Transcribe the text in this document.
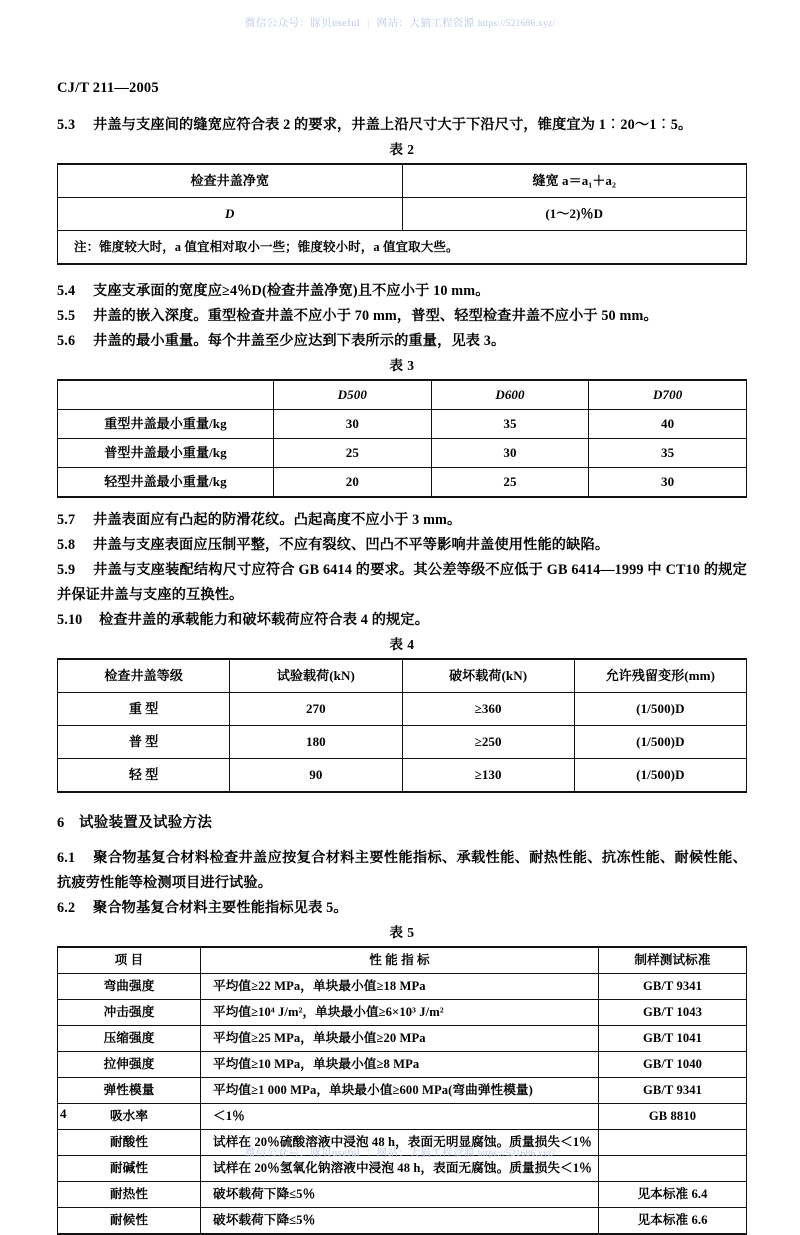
微信公众号：豚贝useful | 网站：大猫工程资源 https://521686.xyz/
CJ/T 211—2005

5.3 井盖与支座间的缝宽应符合表 2 的要求，井盖上沿尺寸大于下沿尺寸，锥度宜为 1︰20～1︰5。

表 2
检查井盖净宽	缝宽 a＝a₁＋a₂
D	(1～2)％D
注：锥度较大时，a 值宜相对取小一些；锥度较小时，a 值宜取大些。	

5.4 支座支承面的宽度应≥4％D(检查井盖净宽)且不应小于 10 mm。

5.5 井盖的嵌入深度。重型检查井盖不应小于 70 mm，普型、轻型检查井盖不应小于 50 mm。

5.6 井盖的最小重量。每个井盖至少应达到下表所示的重量，见表 3。

表 3
	D500	D600	D700
重型井盖最小重量/kg	30	35	40
普型井盖最小重量/kg	25	30	35
轻型井盖最小重量/kg	20	25	30

5.7 井盖表面应有凸起的防滑花纹。凸起高度不应小于 3 mm。

5.8 井盖与支座表面应压制平整，不应有裂纹、凹凸不平等影响井盖使用性能的缺陷。

5.9 井盖与支座装配结构尺寸应符合 GB 6414 的要求。其公差等级不应低于 GB 6414—1999 中 CT10 的规定并保证井盖与支座的互换性。

5.10 检查井盖的承载能力和破坏载荷应符合表 4 的规定。

表 4
检查井盖等级	试验载荷(kN)	破坏载荷(kN)	允许残留变形(mm)
重 型	270	≥360	(1/500)D
普 型	180	≥250	(1/500)D
轻 型	90	≥130	(1/500)D

6 试验装置及试验方法

6.1 聚合物基复合材料检查井盖应按复合材料主要性能指标、承载性能、耐热性能、抗冻性能、耐候性能、抗疲劳性能等检测项目进行试验。

6.2 聚合物基复合材料主要性能指标见表 5。

表 5
项 目	性 能 指 标	制样测试标准
弯曲强度	平均值≥22 MPa，单块最小值≥18 MPa	GB/T 9341
冲击强度	平均值≥10⁴ J/m²，单块最小值≥6×10³ J/m²	GB/T 1043
压缩强度	平均值≥25 MPa，单块最小值≥20 MPa	GB/T 1041
拉伸强度	平均值≥10 MPa，单块最小值≥8 MPa	GB/T 1040
弹性模量	平均值≥1 000 MPa，单块最小值≥600 MPa(弯曲弹性模量)	GB/T 9341
吸水率	＜1％	GB 8810
耐酸性	试样在 20％硫酸溶液中浸泡 48 h，表面无明显腐蚀。质量损失＜1％	
耐碱性	试样在 20％氢氧化钠溶液中浸泡 48 h，表面无腐蚀。质量损失＜1％	
耐热性	破坏载荷下降≤5％	见本标准 6.4
耐候性	破坏载荷下降≤5％	见本标准 6.6
4
微信公众号：豚贝useful | 网站：大猫工程资源 https://521686.xyz/
